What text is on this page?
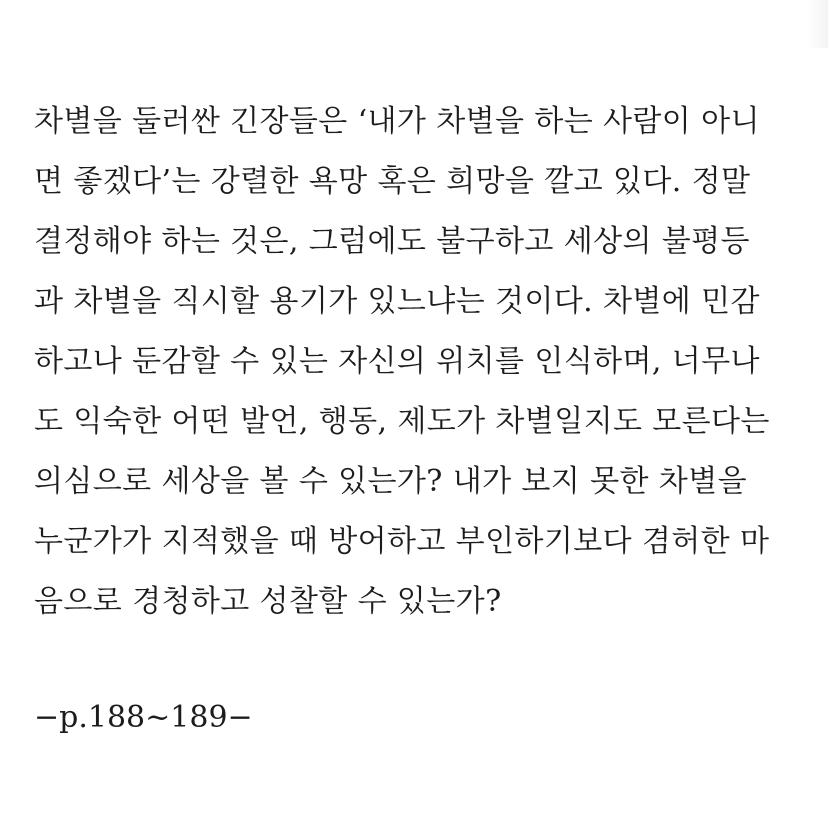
차별을 둘러싼 긴장들은 ‘내가 차별을 하는 사람이 아니
면 좋겠다’는 강렬한 욕망 혹은 희망을 깔고 있다. 정말
결정해야 하는 것은, 그럼에도 불구하고 세상의 불평등
과 차별을 직시할 용기가 있느냐는 것이다. 차별에 민감
하고나 둔감할 수 있는 자신의 위치를 인식하며, 너무나
도 익숙한 어떤 발언, 행동, 제도가 차별일지도 모른다는
의심으로 세상을 볼 수 있는가? 내가 보지 못한 차별을
누군가가 지적했을 때 방어하고 부인하기보다 겸허한 마
음으로 경청하고 성찰할 수 있는가?
−p.188~189−
